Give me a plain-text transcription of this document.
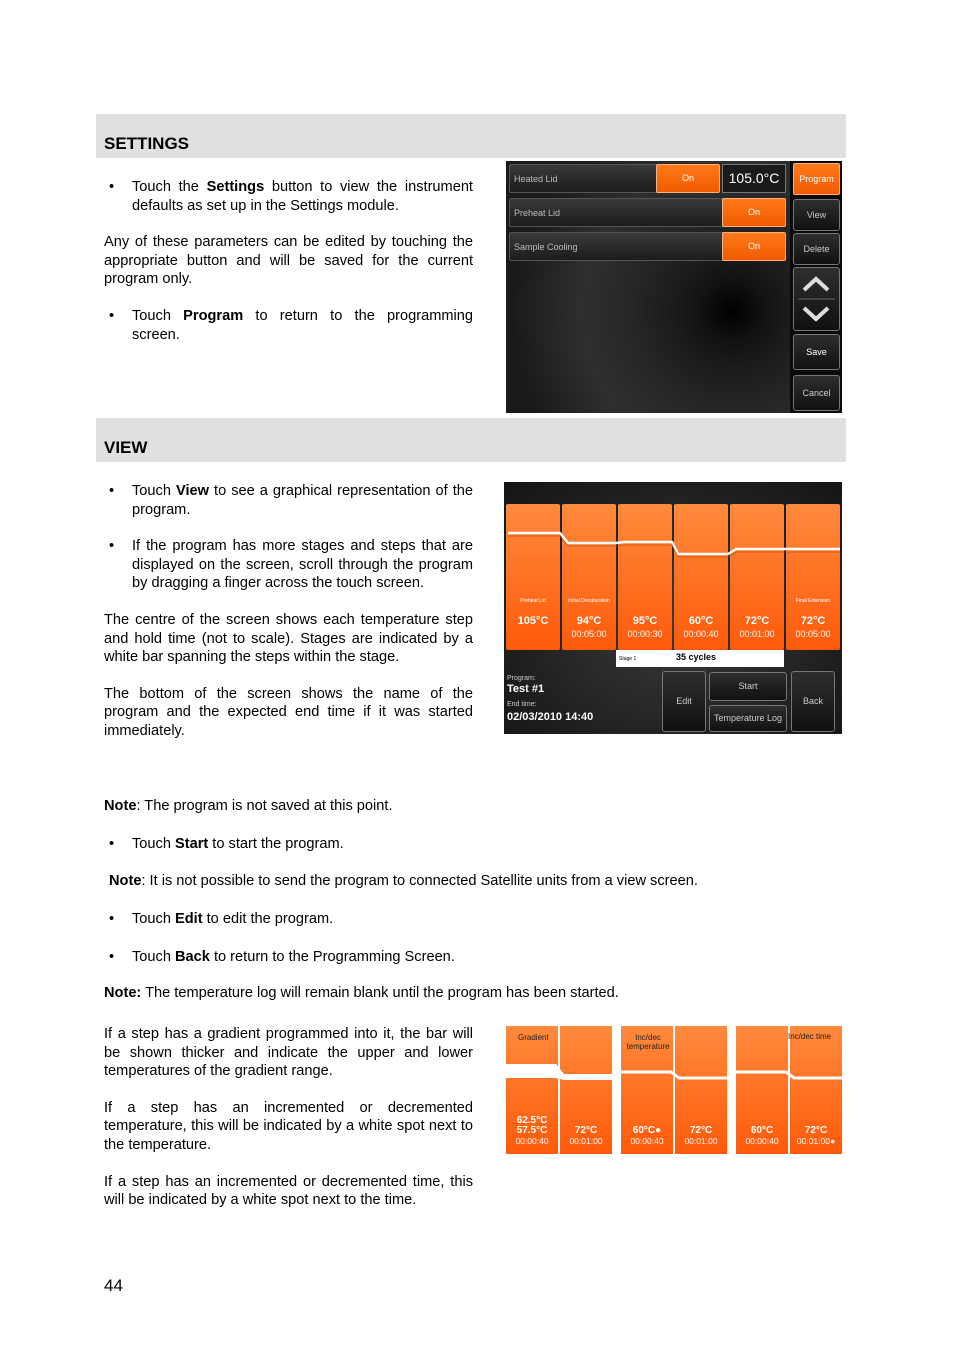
SETTINGS
•	Touch the Settings button to view the instrument defaults as set up in the Settings module.

Any of these parameters can be edited by touching the appropriate button and will be saved for the current program only.

•	Touch Program to return to the programming screen.
Heated Lid	On	105.0°C
Preheat Lid	On
Sample Cooling	On
Program
View
Delete
Save
Cancel
VIEW
•	Touch View to see a graphical representation of the program.
•	If the program has more stages and steps that are displayed on the screen, scroll through the program by dragging a finger across the touch screen.

The centre of the screen shows each temperature step and hold time (not to scale). Stages are indicated by a white bar spanning the steps within the stage.

The bottom of the screen shows the name of the program and the expected end time if it was started immediately.

Note: The program is not saved at this point.
•	Touch Start to start the program.
Note: It is not possible to send the program to connected Satellite units from a view screen.
•	Touch Edit to edit the program.
•	Touch Back to return to the Programming Screen.
Note: The temperature log will remain blank until the program has been started.
Preheat Lid
105°C
Initial Denaturation
94°C
00:05:00
95°C
00:00:30
60°C
00:00:40
72°C
00:01:00
Final Extension
72°C
00:05:00
Stage 1	35 cycles
Program:
Test #1
End time:
02/03/2010 14:40
Edit
Start
Temperature Log
Back

If a step has a gradient programmed into it, the bar will be shown thicker and indicate the upper and lower temperatures of the gradient range.

If a step has an incremented or decremented temperature, this will be indicated by a white spot next to the temperature.

If a step has an incremented or decremented time, this will be indicated by a white spot next to the time.

62.5°C
57.5°C
00:00:40
72°C
00:01:00
Gradient
60°C●
00:00:40
72°C
00:01:00
Inc/dec temperature
60°C
00:00:40
72°C
00:01:00●
Inc/dec time
44
